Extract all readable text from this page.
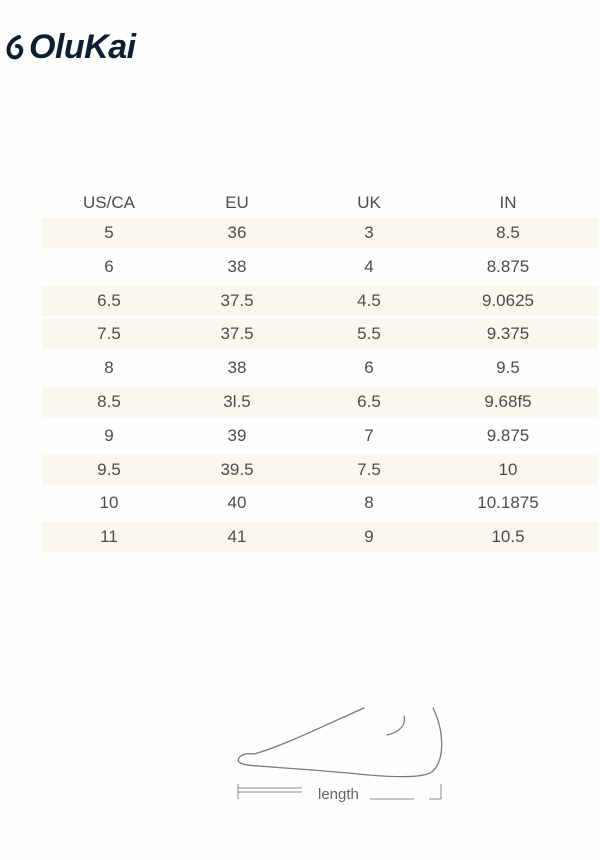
OluKai
US/CA	EU	UK	IN
5	36	3	8.5
6	38	4	8.875
6.5	37.5	4.5	9.0625
7.5	37.5	5.5	9.375
8	38	6	9.5
8.5	3l.5	6.5	9.68f5
9	39	7	9.875
9.5	39.5	7.5	10
10	40	8	10.1875
11	41	9	10.5
length
